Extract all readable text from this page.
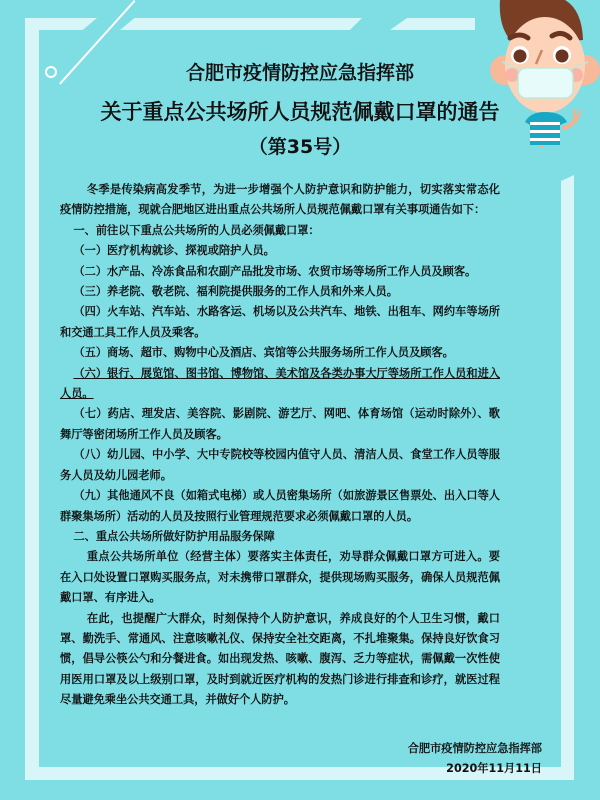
合肥市疫情防控应急指挥部
关于重点公共场所人员规范佩戴口罩的通告
（第35号）

冬季是传染病高发季节，为进一步增强个人防护意识和防护能力，切实落实常态化疫情防控措施，现就合肥地区进出重点公共场所人员规范佩戴口罩有关事项通告如下：

一、前往以下重点公共场所的人员必须佩戴口罩：

（一）医疗机构就诊、探视或陪护人员。

（二）水产品、冷冻食品和农副产品批发市场、农贸市场等场所工作人员及顾客。

（三）养老院、敬老院、福利院提供服务的工作人员和外来人员。

（四）火车站、汽车站、水路客运、机场以及公共汽车、地铁、出租车、网约车等场所和交通工具工作人员及乘客。

（五）商场、超市、购物中心及酒店、宾馆等公共服务场所工作人员及顾客。

（六）银行、展览馆、图书馆、博物馆、美术馆及各类办事大厅等场所工作人员和进入人员。

（七）药店、理发店、美容院、影剧院、游艺厅、网吧、体育场馆（运动时除外）、歌舞厅等密闭场所工作人员及顾客。

（八）幼儿园、中小学、大中专院校等校园内值守人员、清洁人员、食堂工作人员等服务人员及幼儿园老师。

（九）其他通风不良（如箱式电梯）或人员密集场所（如旅游景区售票处、出入口等人群聚集场所）活动的人员及按照行业管理规范要求必须佩戴口罩的人员。

二、重点公共场所做好防护用品服务保障

重点公共场所单位（经营主体）要落实主体责任，劝导群众佩戴口罩方可进入。要在入口处设置口罩购买服务点，对未携带口罩群众，提供现场购买服务，确保人员规范佩戴口罩、有序进入。

在此，也提醒广大群众，时刻保持个人防护意识，养成良好的个人卫生习惯，戴口罩、勤洗手、常通风、注意咳嗽礼仪、保持安全社交距离，不扎堆聚集。保持良好饮食习惯，倡导公筷公勺和分餐进食。如出现发热、咳嗽、腹泻、乏力等症状，需佩戴一次性使用医用口罩及以上级别口罩，及时到就近医疗机构的发热门诊进行排查和诊疗，就医过程尽量避免乘坐公共交通工具，并做好个人防护。

合肥市疫情防控应急指挥部
2020年11月11日
